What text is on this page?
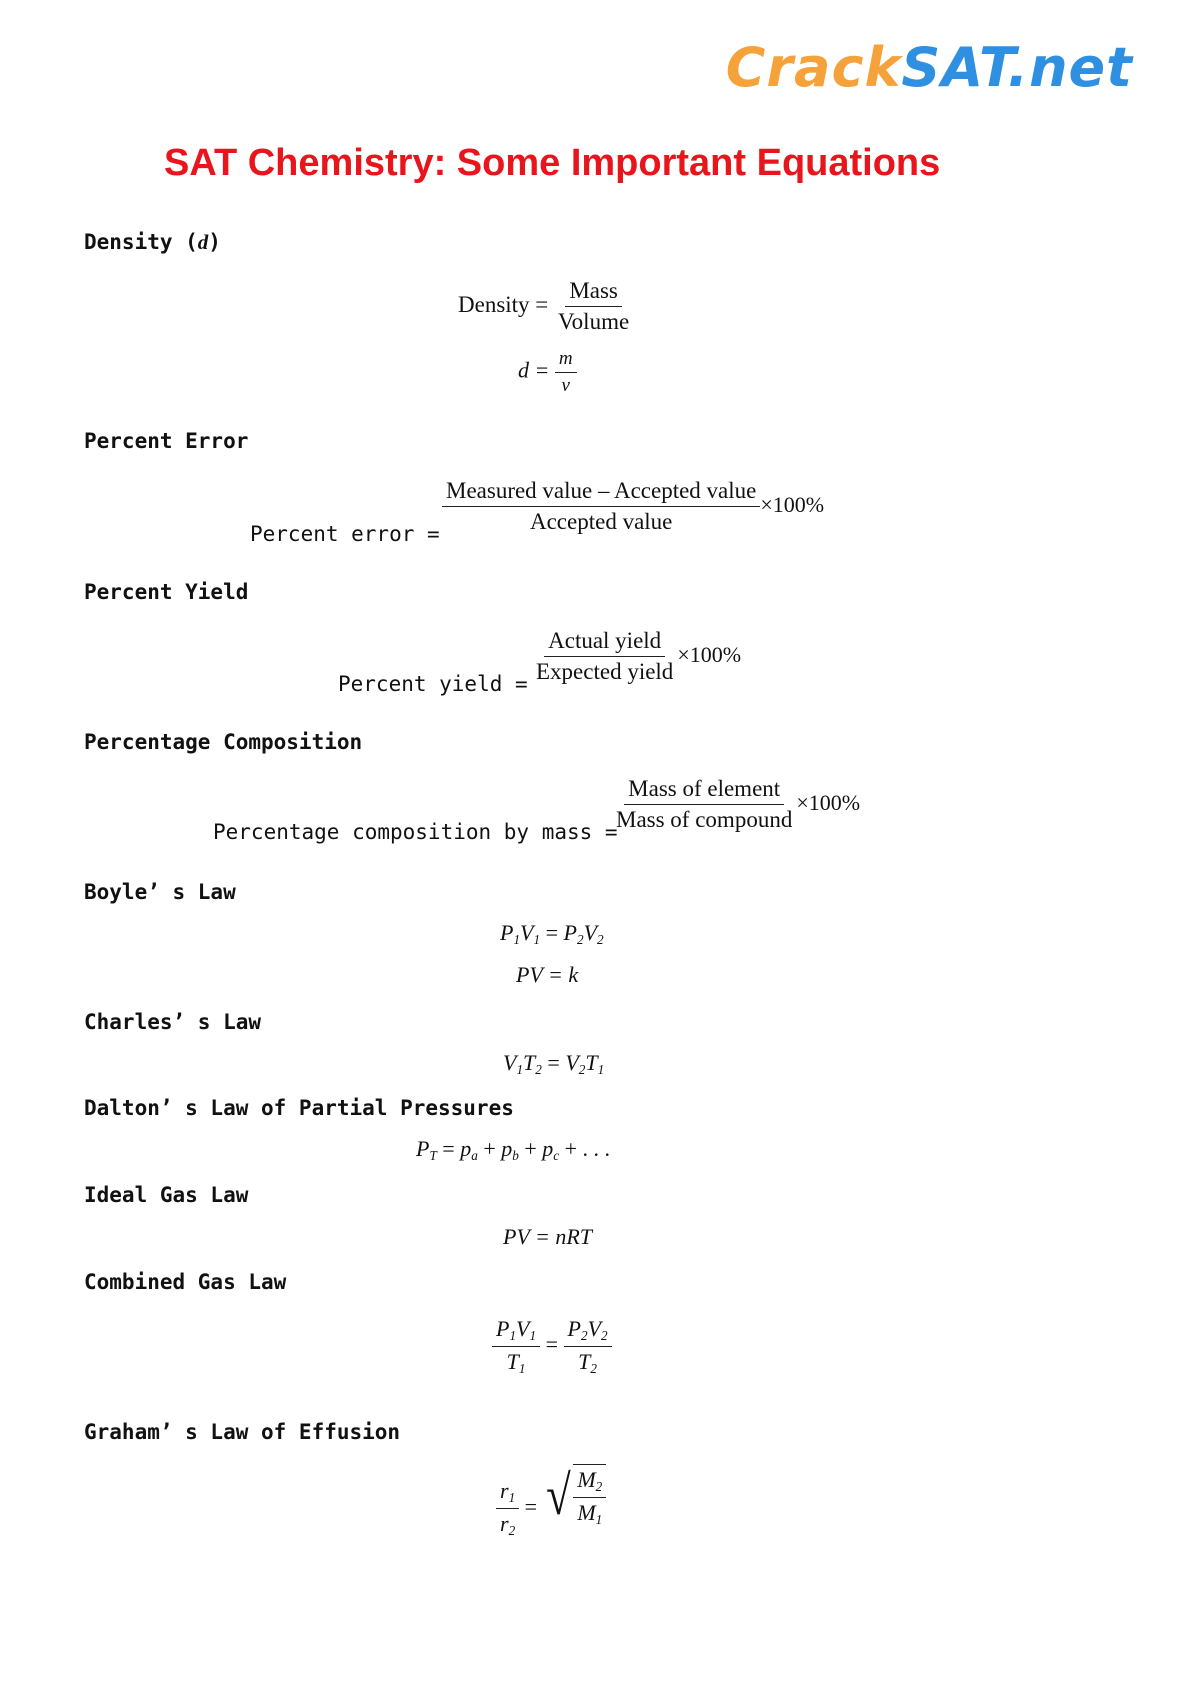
CrackSAT.net
SAT Chemistry: Some Important Equations
Density (d)
Density = $\frac{\text{Mass}}{\text{Volume}}$
$d = \frac{m}{v}$
Percent Error
Percent error = $\frac{\text{Measured value – Accepted value}}{\text{Accepted value}} \times 100\%$
Percent Yield
Percent yield = $\frac{\text{Actual yield}}{\text{Expected yield}} \times 100\%$
Percentage Composition
Percentage composition by mass =
$\frac{\text{Mass of element}}{\text{Mass of compound}} \times 100\%$
Boyle’ s Law
$P_1V_1 = P_2V_2$
PV = k
Charles’ s Law
$V_1T_2 = V_2T_1$
Dalton’ s Law of Partial Pressures
$P_T = p_a + p_b + p_c$ + . . .
Ideal Gas Law
PV = nRT
Combined Gas Law
$\frac{P_1V_1}{T_1} = \frac{P_2V_2}{T_2}$
Graham’ s Law of Effusion
$\frac{r_1}{r_2}$ = √ $\frac{M_2}{M_1}$
